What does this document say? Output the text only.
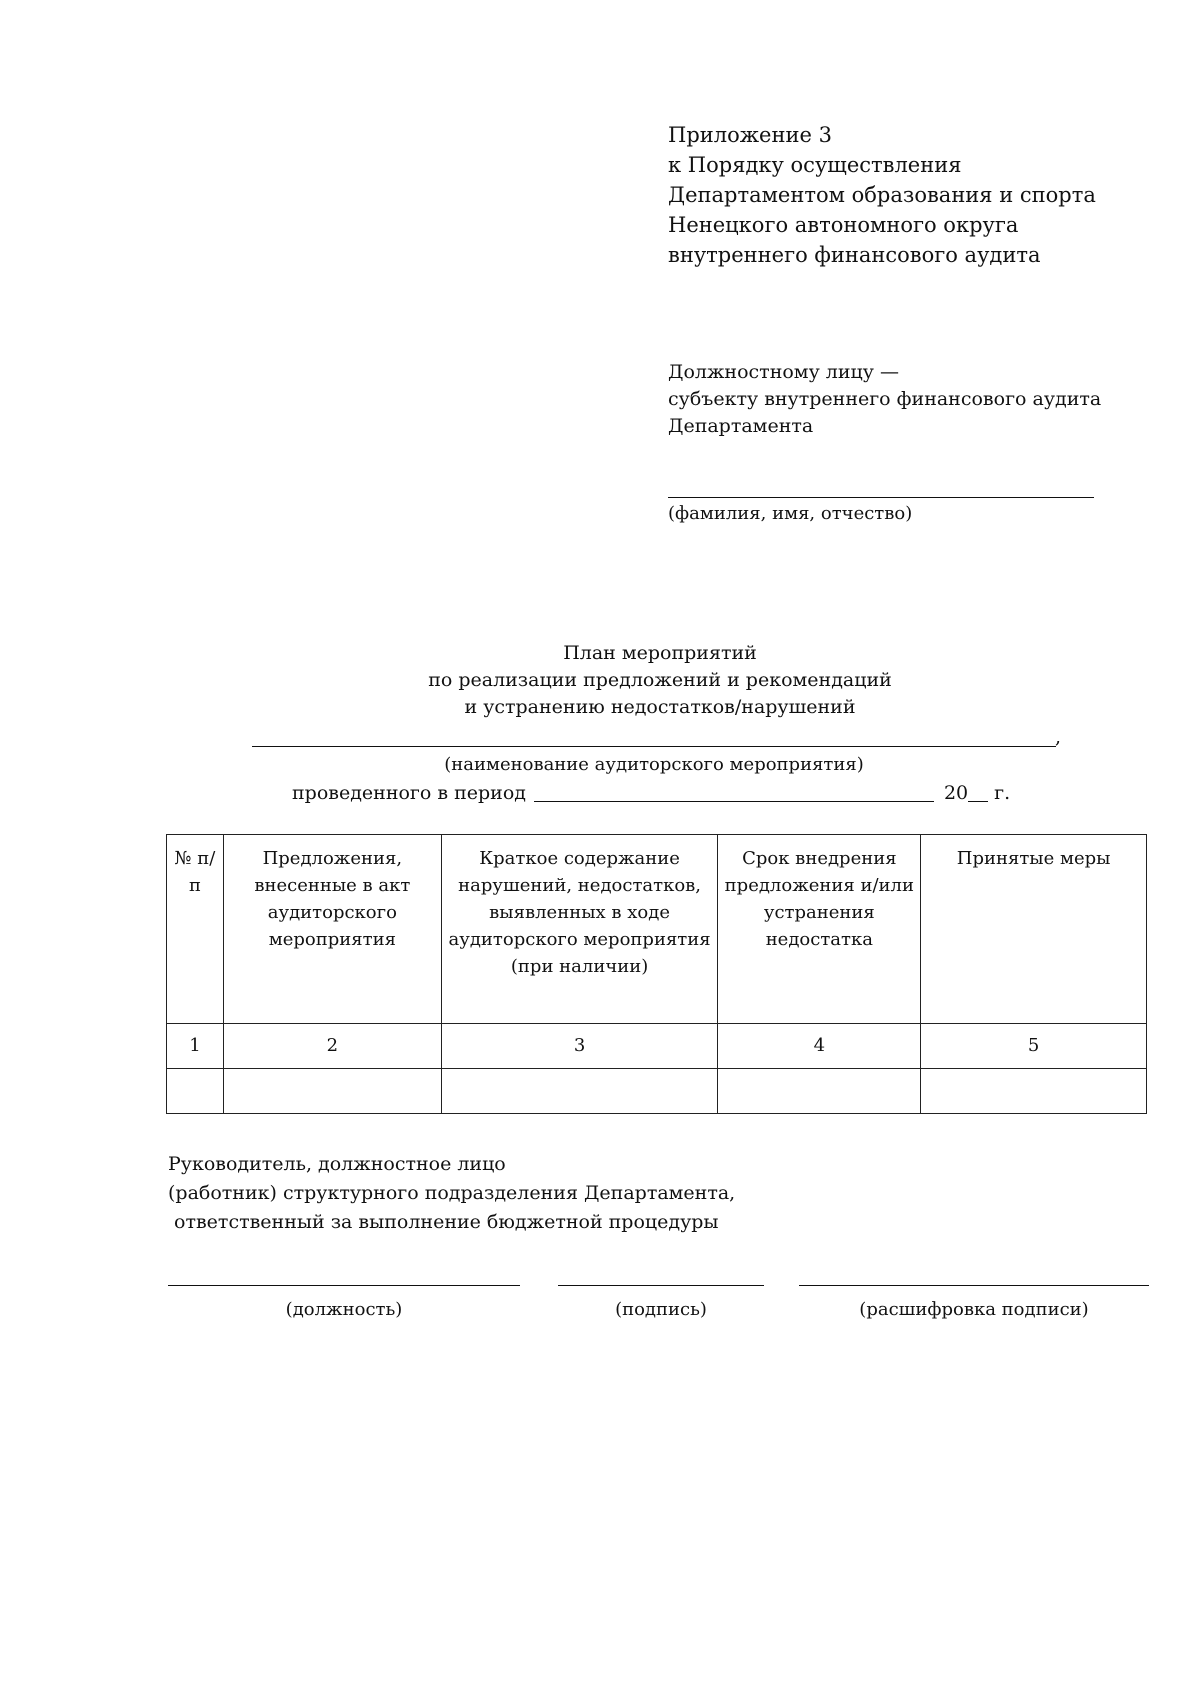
Приложение 3
к Порядку осуществления
Департаментом образования и спорта
Ненецкого автономного округа
внутреннего финансового аудита
Должностному лицу —
субъекту внутреннего финансового аудита
Департамента
(фамилия, имя, отчество)
План мероприятий
по реализации предложений и рекомендаций
и устранению недостатков/нарушений
,
(наименование аудиторского мероприятия)
проведенного в период	20 г.
№ п/п	Предложения, внесенные в акт аудиторского мероприятия	Краткое содержание нарушений, недостатков, выявленных в ходе аудиторского мероприятия (при наличии)	Срок внедрения предложения и/или устранения недостатка	Принятые меры
1	2	3	4	5

Руководитель, должностное лицо
(работник) структурного подразделения Департамента,
ответственный за выполнение бюджетной процедуры
(должность)	(подпись)	(расшифровка подписи)
